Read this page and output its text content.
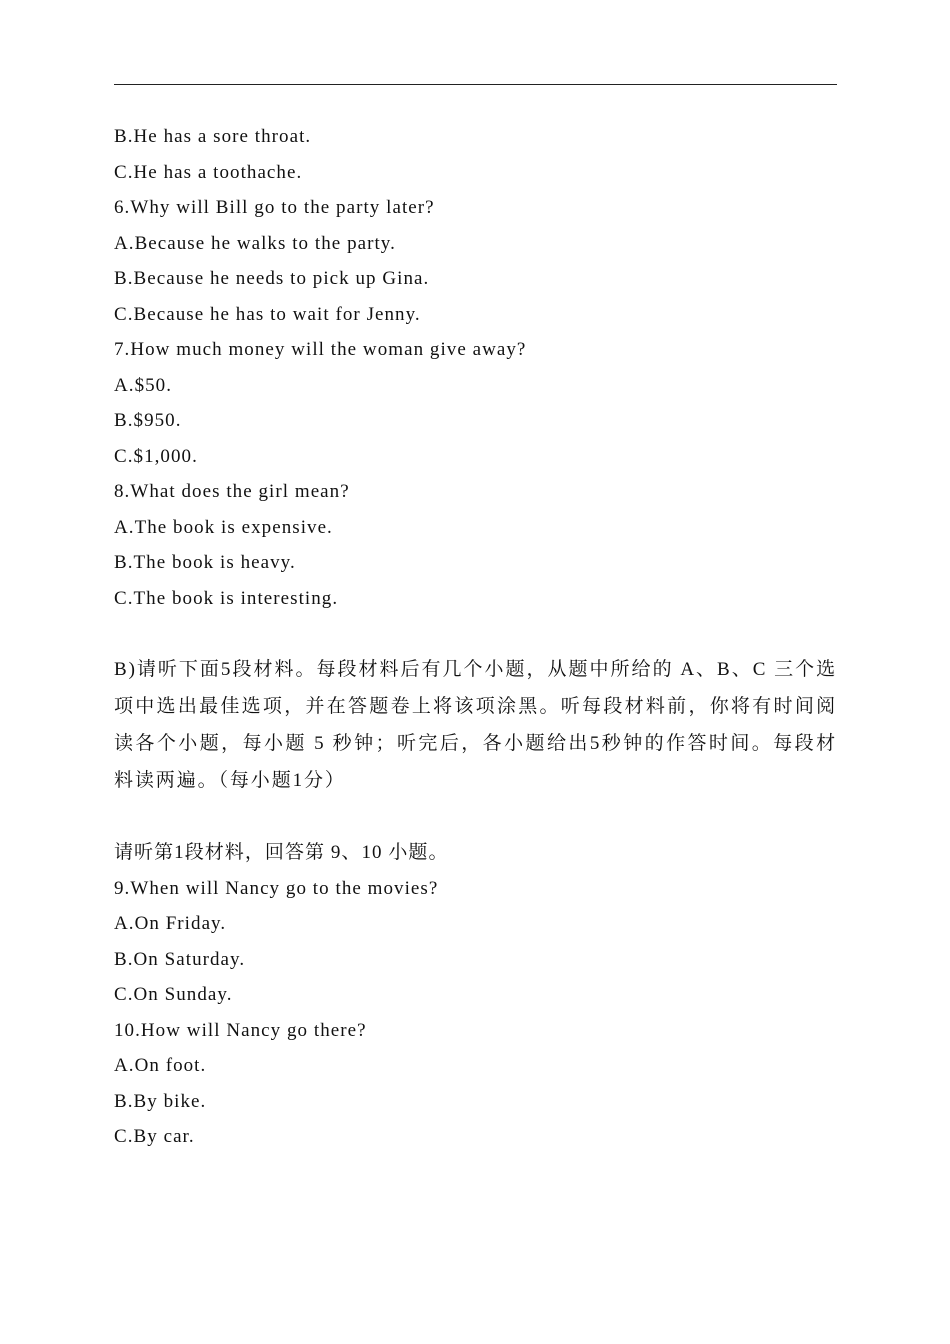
B.He has a sore throat.
C.He has a toothache.
6.Why will Bill go to the party later?
A.Because he walks to the party.
B.Because he needs to pick up Gina.
C.Because he has to wait for Jenny.
7.How much money will the woman give away?
A.$50.
B.$950.
C.$1,000.
8.What does the girl mean?
A.The book is expensive.
B.The book is heavy.
C.The book is interesting.
B)请听下面5段材料。每段材料后有几个小题，从题中所给的 A、B、C 三个选项中选出最佳选项，并在答题卷上将该项涂黑。听每段材料前，你将有时间阅读各个小题，每小题 5 秒钟；听完后，各小题给出5秒钟的作答时间。每段材料读两遍。（每小题1分）
请听第1段材料，回答第 9、10 小题。
9.When will Nancy go to the movies?
A.On Friday.
B.On Saturday.
C.On Sunday.
10.How will Nancy go there?
A.On foot.
B.By bike.
C.By car.
